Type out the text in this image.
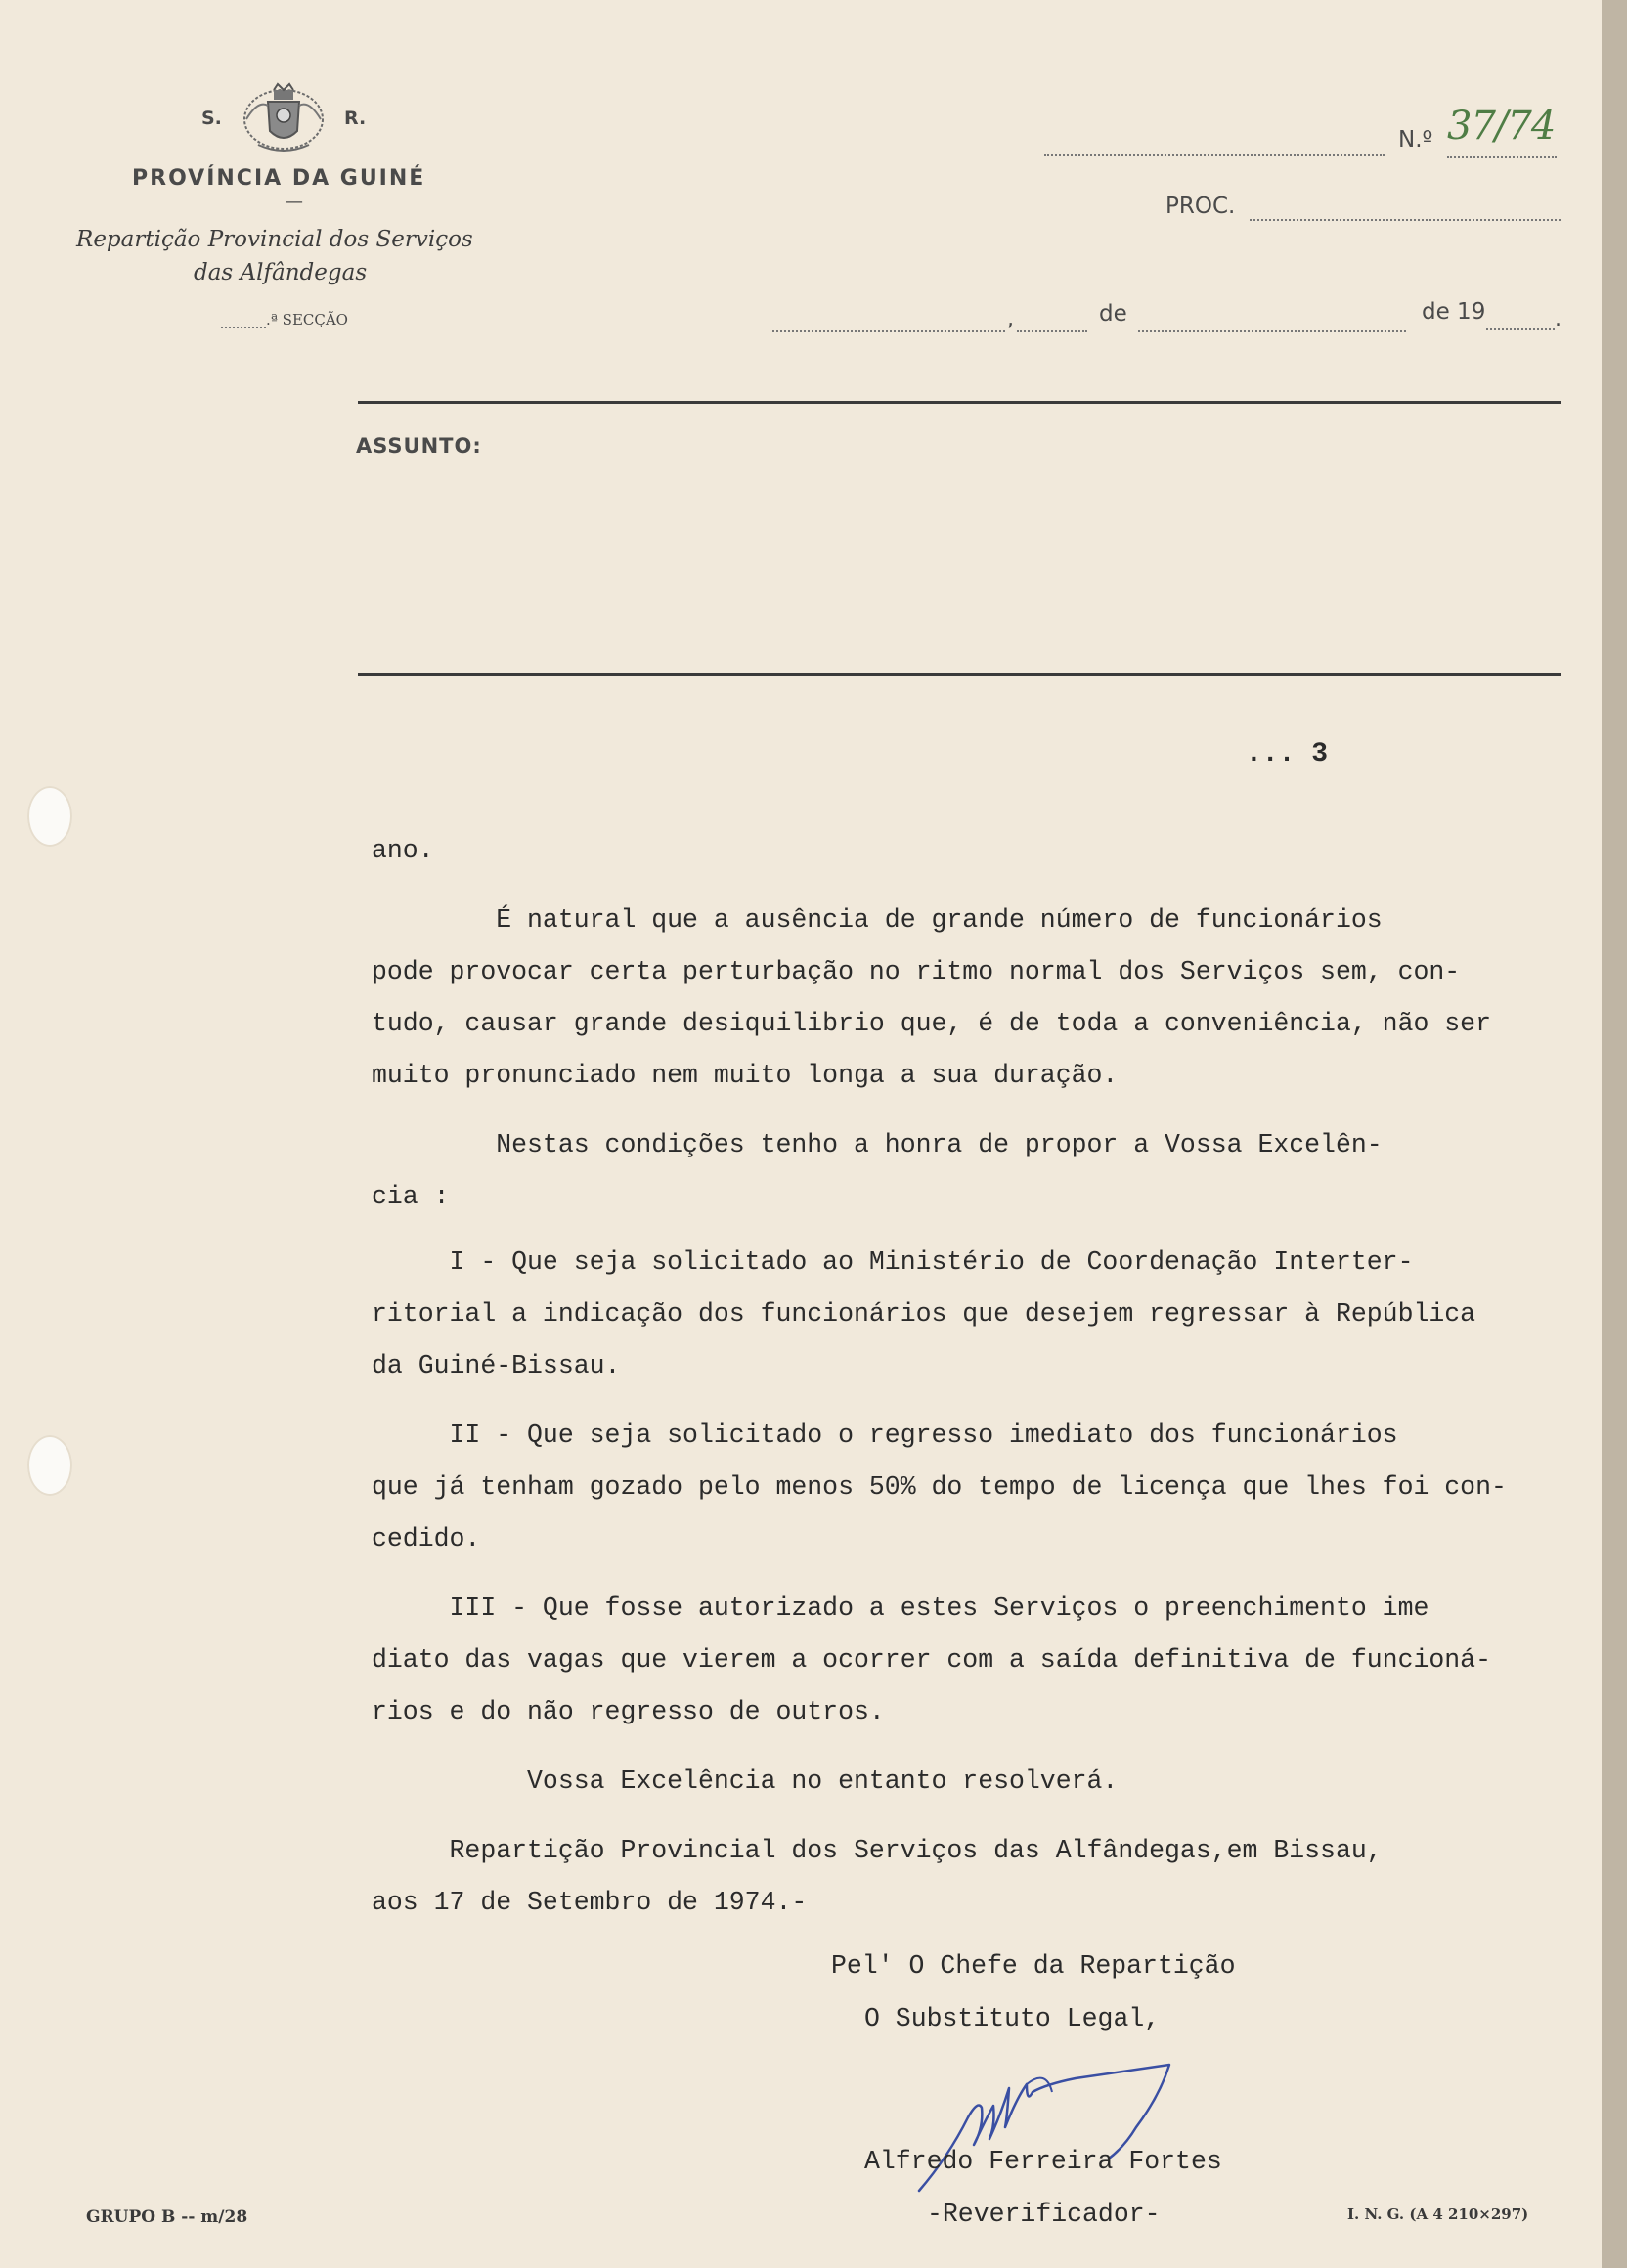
S.	R.
PROVÍNCIA DA GUINÉ
—
Repartição Provincial dos Serviços
das Alfândegas
.ª SECÇÃO
N.º 37/74
PROC.
,	de	de 19	.
ASSUNTO:
... 3

ano.

É natural que a ausência de grande número de funcionários

pode provocar certa perturbação no ritmo normal dos Serviços sem, con-

tudo, causar grande desiquilibrio que, é de toda a conveniência, não ser

muito pronunciado nem muito longa a sua duração.

Nestas condições tenho a honra de propor a Vossa Excelên-

cia :

I - Que seja solicitado ao Ministério de Coordenação Interter-

ritorial a indicação dos funcionários que desejem regressar à República

da Guiné-Bissau.

II - Que seja solicitado o regresso imediato dos funcionários

que já tenham gozado pelo menos 50% do tempo de licença que lhes foi con-

cedido.

III - Que fosse autorizado a estes Serviços o preenchimento ime

diato das vagas que vierem a ocorrer com a saída definitiva de funcioná-

rios e do não regresso de outros.

Vossa Excelência no entanto resolverá.

Repartição Provincial dos Serviços das Alfândegas,em Bissau,

aos 17 de Setembro de 1974.-

Pel' O Chefe da Repartição
O Substituto Legal,
Alfredo Ferreira Fortes
-Reverificador-
GRUPO B -- m/28	I. N. G. (A 4 210×297)
